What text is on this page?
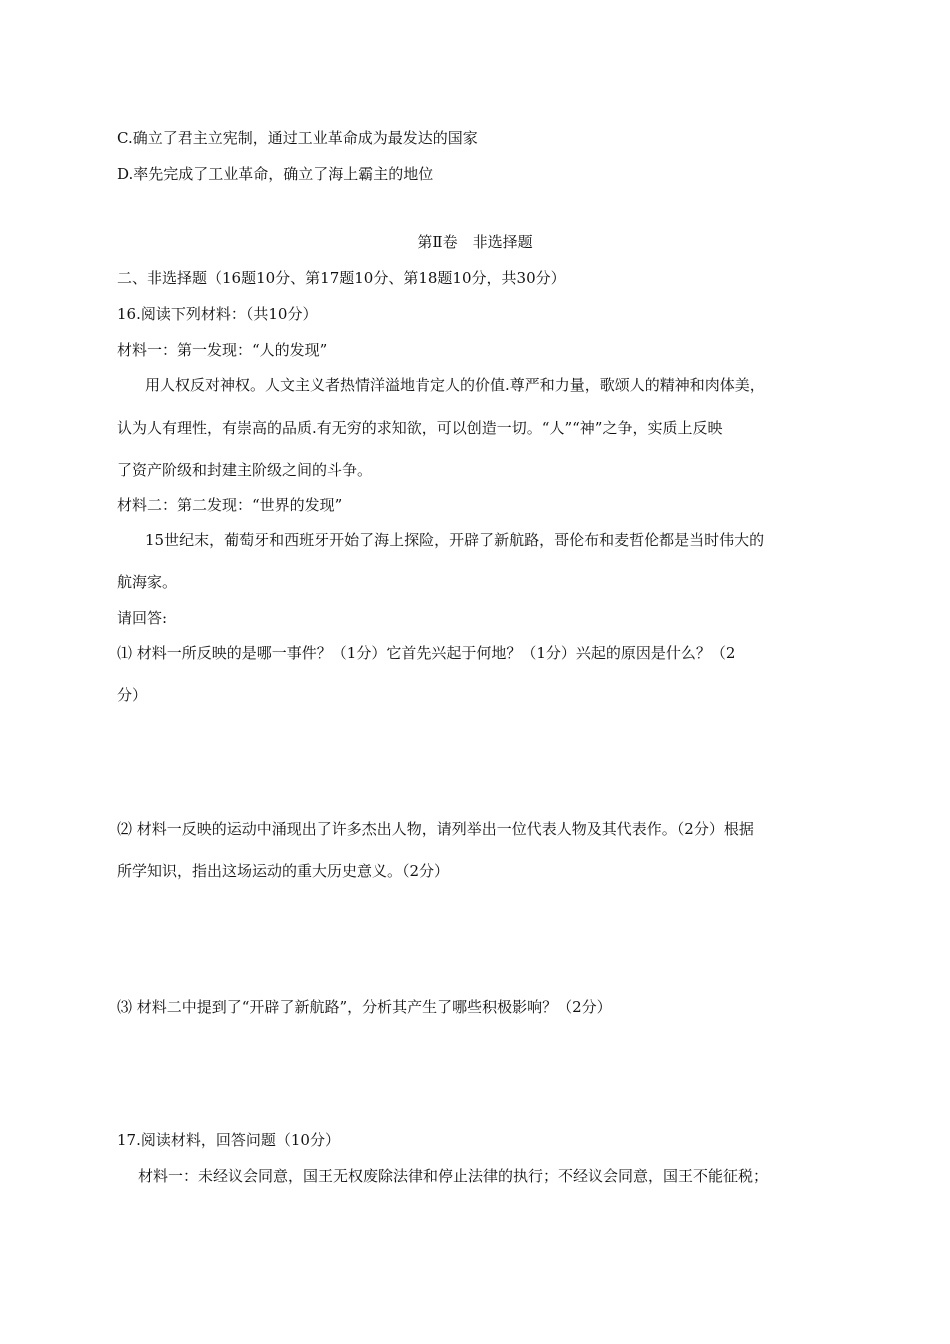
C.确立了君主立宪制，通过工业革命成为最发达的国家
D.率先完成了工业革命，确立了海上霸主的地位
第Ⅱ卷　非选择题
二、非选择题（16题10分、第17题10分、第18题10分，共30分）
16.阅读下列材料：（共10分）
材料一：第一发现：“人的发现”
用人权反对神权。人文主义者热情洋溢地肯定人的价值.尊严和力量，歌颂人的精神和肉体美，
认为人有理性，有崇高的品质.有无穷的求知欲，可以创造一切。“人”“神”之争，实质上反映
了资产阶级和封建主阶级之间的斗争。
材料二：第二发现：“世界的发现”
15世纪末，葡萄牙和西班牙开始了海上探险，开辟了新航路，哥伦布和麦哲伦都是当时伟大的
航海家。
请回答:
⑴ 材料一所反映的是哪一事件？（1分）它首先兴起于何地？（1分）兴起的原因是什么？（2
分）
⑵ 材料一反映的运动中涌现出了许多杰出人物，请列举出一位代表人物及其代表作。（2分）根据
所学知识，指出这场运动的重大历史意义。（2分）
⑶ 材料二中提到了“开辟了新航路”，分析其产生了哪些积极影响？（2分）
17.阅读材料，回答问题（10分）
材料一：未经议会同意，国王无权废除法律和停止法律的执行；不经议会同意，国王不能征税；
